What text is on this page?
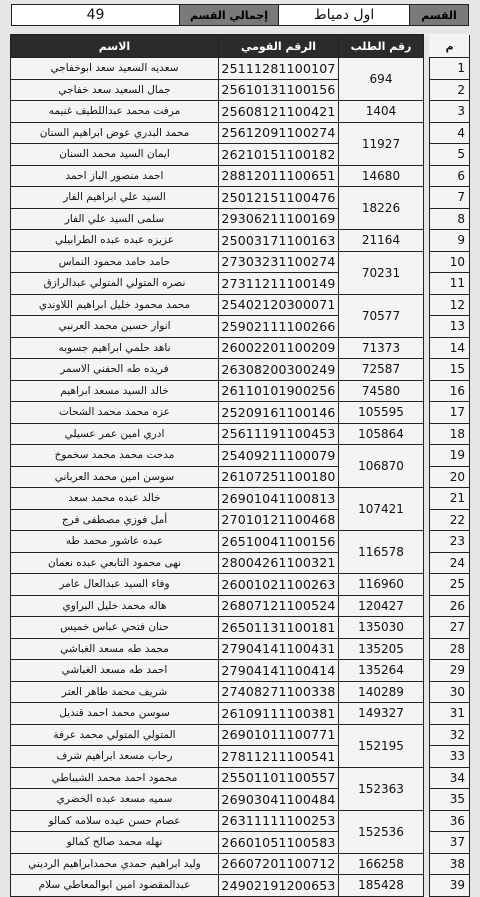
القسم
اول دمياط
إجمالي القسم
49
م		رقم الطلب	الرقم القومي	الاسم
1		694	25111281100107	سعديه السعيد سعد ابوخفاجي
2			25610131100156	جمال السعيد سعد خفاجي
3		1404	25608121100421	مرفت محمد عبداللطيف غنيمه
4		11927	25612091100274	محمد البدري عوض ابراهيم السنان
5			26210151100182	ايمان السيد محمد السنان
6		14680	28812011100651	احمد منصور الباز احمد
7		18226	25012151100476	السيد علي ابراهيم الفار
8			29306211100169	سلمى السيد علي الفار
9		21164	25003171100163	عزيزه عبده عبده الطرابيلي
10		70231	27303231100274	حامد حامد محمود النماس
11			27311211100149	نصره المتولي المتولي عبدالرازق
12		70577	25402120300071	محمد محمود خليل ابراهيم اللاوندي
13			25902111100266	انوار حسين محمد العرنبي
14		71373	26002201100209	ناهد حلمي ابراهيم جسوبه
15		72587	26308200300249	فريده طه الحفني الاسمر
16		74580	26110101900256	خالد السيد مسعد ابراهيم
17		105595	25209161100146	عزه محمد محمد الشحات
18		105864	25611191100453	ادري امين عمر عسيلي
19		106870	25409211100079	مدحت محمد محمد سخموخ
20			26107251100180	سوسن امين محمد العرباني
21		107421	26901041100813	خالد عبده محمد سعد
22			27010121100468	أمل فوزي مصطفى فرج
23		116578	26510041100156	عبده عاشور محمد طه
24			28004261100321	نهى محمود التابعي عبده نعمان
25		116960	26001021100263	وفاء السيد عبدالعال عامر
26		120427	26807121100524	هاله محمد خليل البراوي
27		135030	26501131100181	حنان فتحي عباس خميس
28		135205	27904141100431	محمد طه مسعد الغباشي
29		135264	27904141100414	احمد طه مسعد الغباشي
30		140289	27408271100338	شريف محمد طاهر العتر
31		149327	26109111100381	سوسن محمد احمد قنديل
32		152195	26901011100771	المتولي المتولي محمد عرفة
33			27811211100541	رحاب مسعد ابراهيم شرف
34		152363	25501101100557	محمود احمد محمد الشيباطي
35			26903041100484	سميه مسعد عبده الخضري
36		152536	26311111100253	عصام حسن عبده سلامه كمالو
37			26601051100583	نهله محمد صالح كمالو
38		166258	26607201100712	وليد ابراهيم حمدي محمدابراهيم الرديني
39		185428	24902191200653	عبدالمقصود امين ابوالمعاطي سلام
